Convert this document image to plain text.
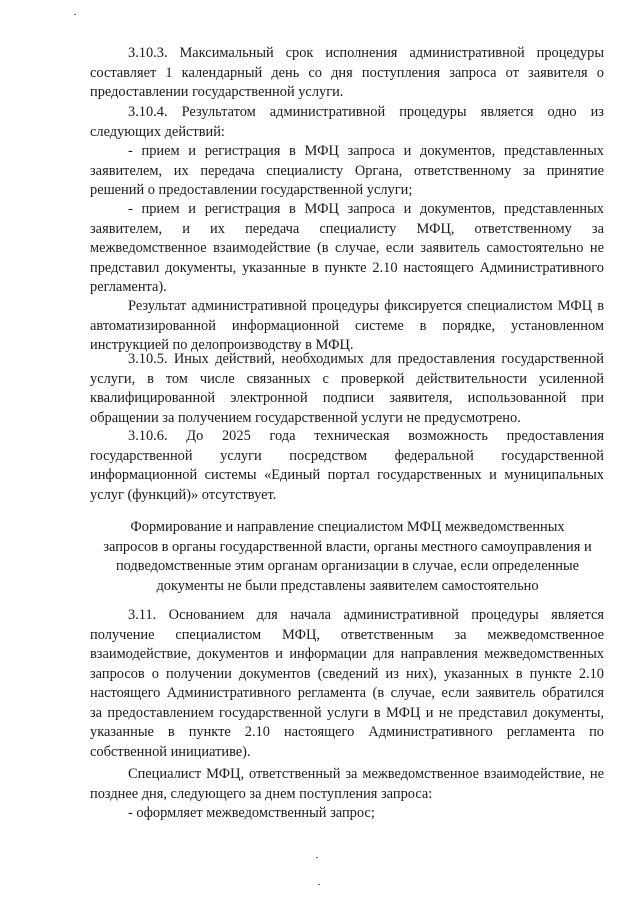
3.10.3. Максимальный срок исполнения административной процедуры
составляет 1 календарный день со дня поступления запроса от заявителя о
предоставлении государственной услуги.
3.10.4. Результатом административной процедуры является одно из
следующих действий:
- прием и регистрация в МФЦ запроса и документов, представленных
заявителем, их передача специалисту Органа, ответственному за принятие
решений о предоставлении государственной услуги;
- прием и регистрация в МФЦ запроса и документов, представленных
заявителем, и их передача специалисту МФЦ, ответственному за
межведомственное взаимодействие (в случае, если заявитель самостоятельно не
представил документы, указанные в пункте 2.10 настоящего Административного
регламента).
Результат административной процедуры фиксируется специалистом МФЦ в
автоматизированной информационной системе в порядке, установленном
инструкцией по делопроизводству в МФЦ.
3.10.5. Иных действий, необходимых для предоставления государственной
услуги, в том числе связанных с проверкой действительности усиленной
квалифицированной электронной подписи заявителя, использованной при
обращении за получением государственной услуги не предусмотрено.
3.10.6. До 2025 года техническая возможность предоставления
государственной услуги посредством федеральной государственной
информационной системы «Единый портал государственных и муниципальных
услуг (функций)» отсутствует.
Формирование и направление специалистом МФЦ межведомственных
запросов в органы государственной власти, органы местного самоуправления и
подведомственные этим органам организации в случае, если определенные
документы не были представлены заявителем самостоятельно
3.11. Основанием для начала административной процедуры является
получение специалистом МФЦ, ответственным за межведомственное
взаимодействие, документов и информации для направления межведомственных
запросов о получении документов (сведений из них), указанных в пункте 2.10
настоящего Административного регламента (в случае, если заявитель обратился
за предоставлением государственной услуги в МФЦ и не представил документы,
указанные в пункте 2.10 настоящего Административного регламента по
собственной инициативе).
Специалист МФЦ, ответственный за межведомственное взаимодействие, не
позднее дня, следующего за днем поступления запроса:
- оформляет межведомственный запрос;
